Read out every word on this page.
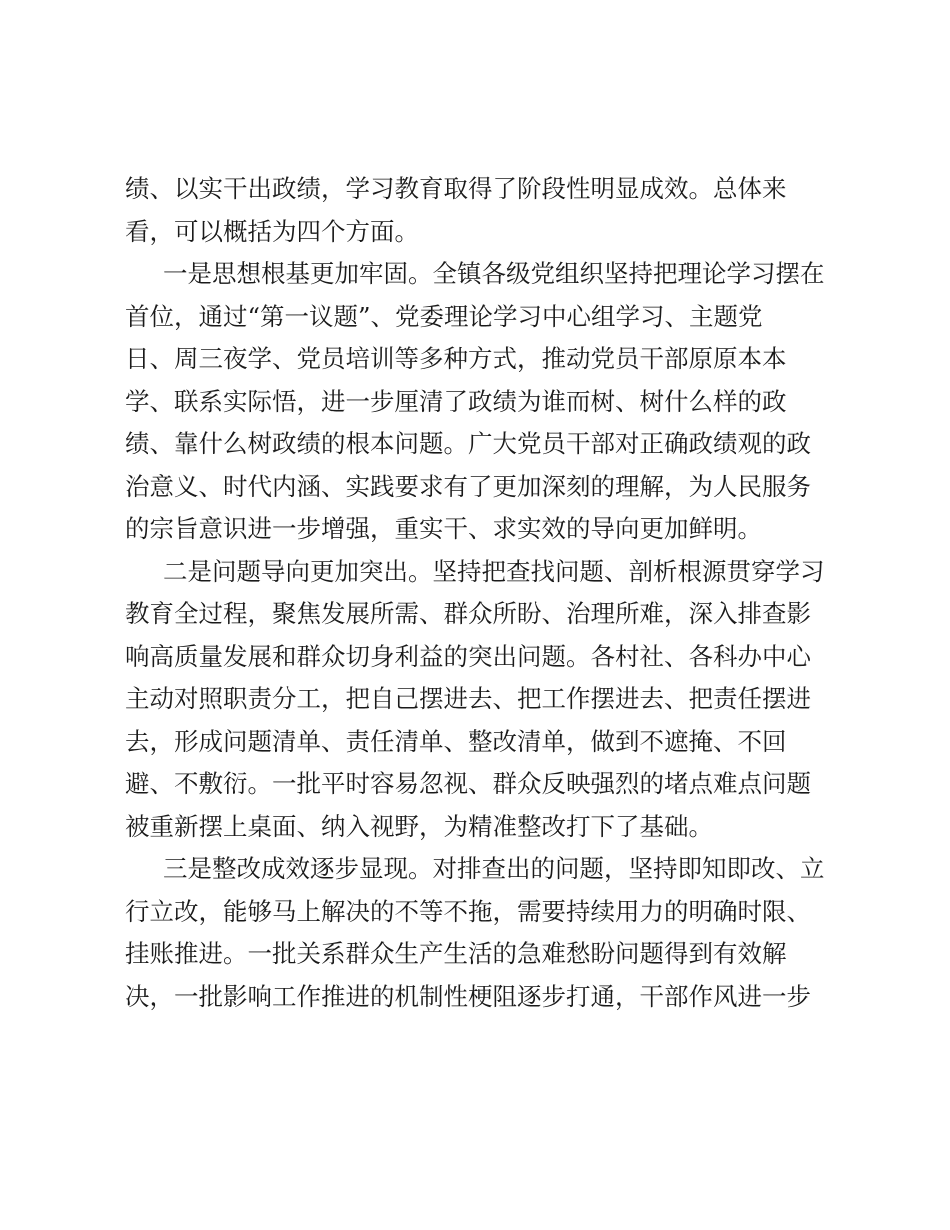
绩、以实干出政绩，学习教育取得了阶段性明显成效。总体来
看，可以概括为四个方面。
一是思想根基更加牢固。全镇各级党组织坚持把理论学习摆在
首位，通过“第一议题”、党委理论学习中心组学习、主题党
日、周三夜学、党员培训等多种方式，推动党员干部原原本本
学、联系实际悟，进一步厘清了政绩为谁而树、树什么样的政
绩、靠什么树政绩的根本问题。广大党员干部对正确政绩观的政
治意义、时代内涵、实践要求有了更加深刻的理解，为人民服务
的宗旨意识进一步增强，重实干、求实效的导向更加鲜明。
二是问题导向更加突出。坚持把查找问题、剖析根源贯穿学习
教育全过程，聚焦发展所需、群众所盼、治理所难，深入排查影
响高质量发展和群众切身利益的突出问题。各村社、各科办中心
主动对照职责分工，把自己摆进去、把工作摆进去、把责任摆进
去，形成问题清单、责任清单、整改清单，做到不遮掩、不回
避、不敷衍。一批平时容易忽视、群众反映强烈的堵点难点问题
被重新摆上桌面、纳入视野，为精准整改打下了基础。
三是整改成效逐步显现。对排查出的问题，坚持即知即改、立
行立改，能够马上解决的不等不拖，需要持续用力的明确时限、
挂账推进。一批关系群众生产生活的急难愁盼问题得到有效解
决，一批影响工作推进的机制性梗阻逐步打通，干部作风进一步
